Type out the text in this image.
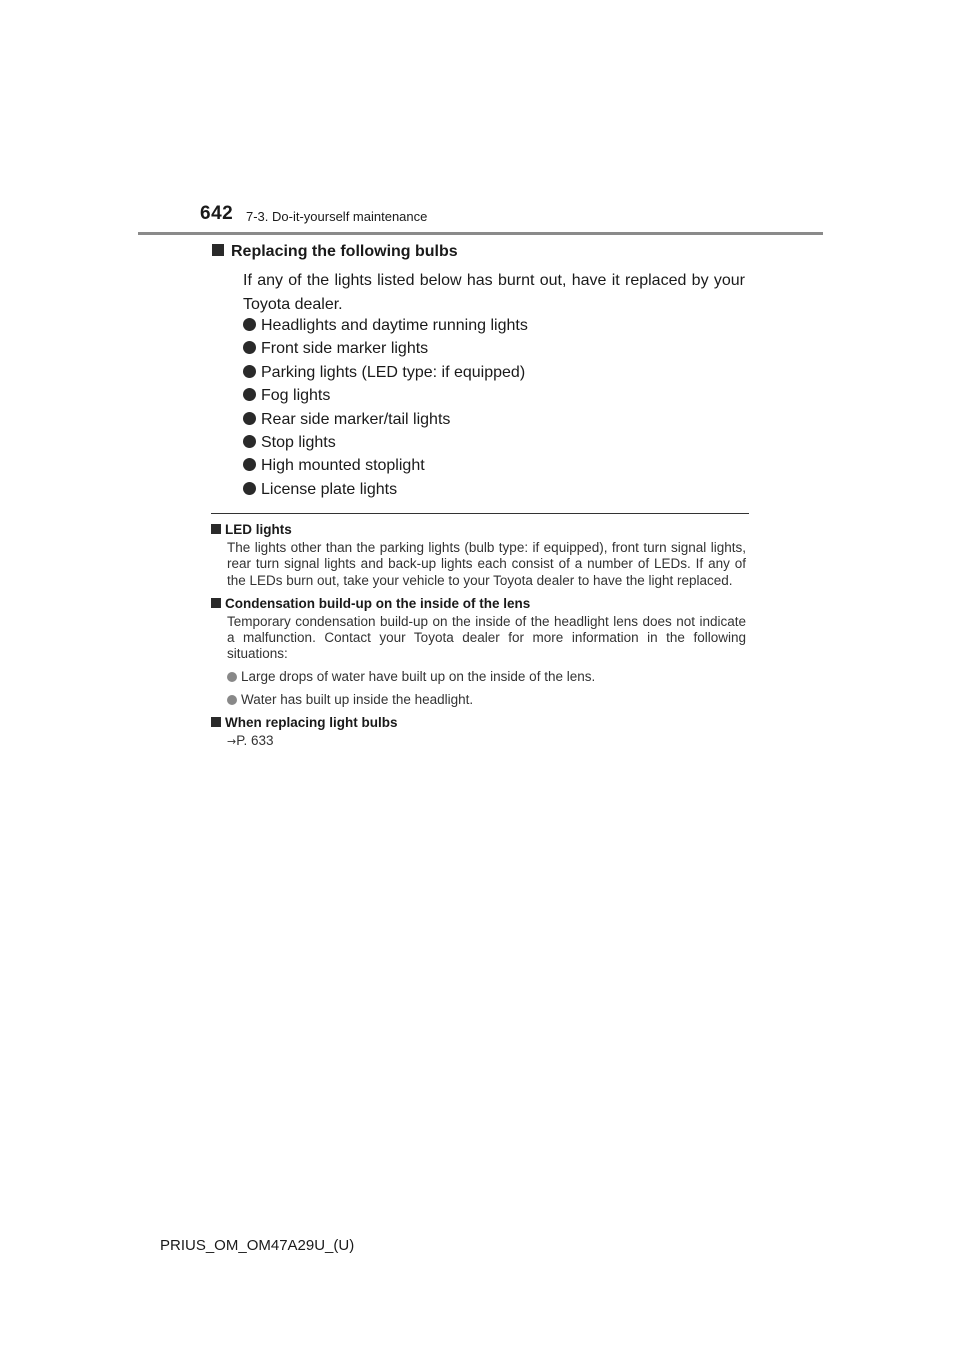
642 7-3. Do-it-yourself maintenance
Replacing the following bulbs
If any of the lights listed below has burnt out, have it replaced by your Toyota dealer.
Headlights and daytime running lights
Front side marker lights
Parking lights (LED type: if equipped)
Fog lights
Rear side marker/tail lights
Stop lights
High mounted stoplight
License plate lights
LED lights
The lights other than the parking lights (bulb type: if equipped), front turn signal lights, rear turn signal lights and back-up lights each consist of a number of LEDs. If any of the LEDs burn out, take your vehicle to your Toyota dealer to have the light replaced.
Condensation build-up on the inside of the lens
Temporary condensation build-up on the inside of the headlight lens does not indicate a malfunction. Contact your Toyota dealer for more information in the following situations:
Large drops of water have built up on the inside of the lens.
Water has built up inside the headlight.
When replacing light bulbs
→P. 633
PRIUS_OM_OM47A29U_(U)
